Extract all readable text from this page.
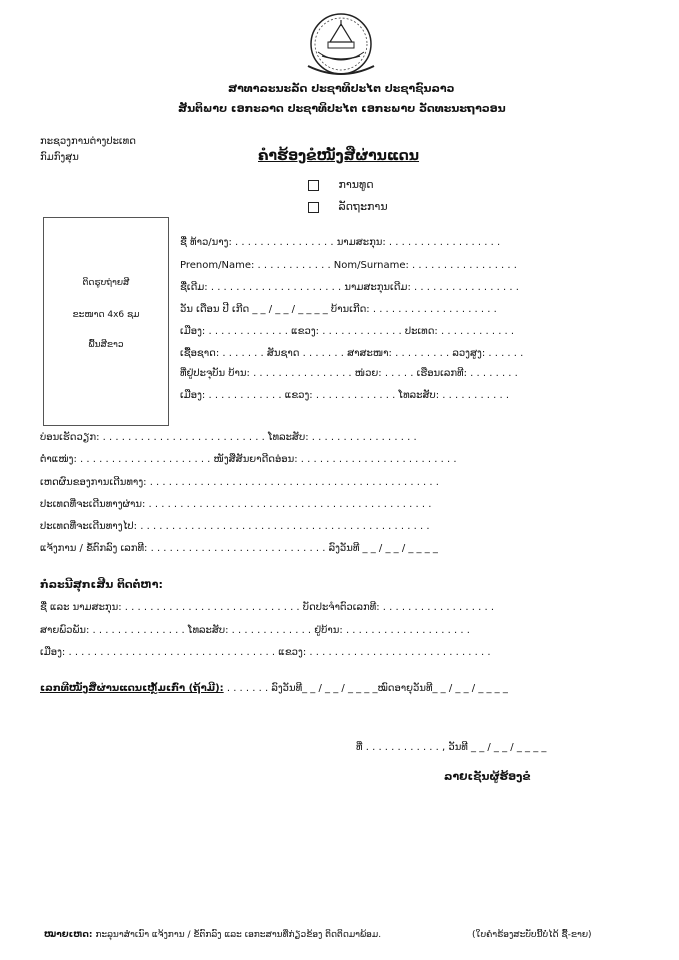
ສາທາລະນະລັດ ປະຊາທິປະໄຕ ປະຊາຊົນລາວ
ສັນຕິພາບ ເອກະລາດ ປະຊາທິປະໄຕ ເອກະພາບ ວັດທະນະຖາວອນ
ກະຊວງການຕ່າງປະເທດ
ກົມກົງສຸນ	ຄຳຮ້ອງຂໍໜັງສືຜ່ານແດນ
ການທູດ
ລັດຖະການ
ຕິດຮູບຖ່າຍສີ
ຂະໜາດ 4x6 ຊມ
ພື້ນສີຂາວ
ຊື່ ທ້າວ/ນາງ: . . . . . . . . . . . . . . . . ນາມສະກຸນ: . . . . . . . . . . . . . . . . . .
Prenom/Name: . . . . . . . . . . . . Nom/Surname: . . . . . . . . . . . . . . . . .
ຊື່ເດີມ: . . . . . . . . . . . . . . . . . . . . . ນາມສະກຸນເດີມ: . . . . . . . . . . . . . . . . .
ວັນ ເດືອນ ປີ ເກີດ _ _ / _ _ / _ _ _ _ ບ້ານເກີດ: . . . . . . . . . . . . . . . . . . . .
ເມືອງ: . . . . . . . . . . . . . ແຂວງ: . . . . . . . . . . . . . ປະເທດ: . . . . . . . . . . . .
ເຊື້ອຊາດ: . . . . . . . ສັນຊາດ . . . . . . . ສາສະໜາ: . . . . . . . . . ລວງສູງ: . . . . . .
ທີ່ຢູ່ປະຈຸບັນ ບ້ານ: . . . . . . . . . . . . . . . . ໜ່ວຍ: . . . . . ເຮືອນເລກທີ: . . . . . . . .
ເມືອງ: . . . . . . . . . . . . ແຂວງ: . . . . . . . . . . . . . ໂທລະສັບ: . . . . . . . . . . .
ບ່ອນເຮັດວຽກ: . . . . . . . . . . . . . . . . . . . . . . . . . . ໂທລະສັບ: . . . . . . . . . . . . . . . . .
ຕຳແໜ່ງ: . . . . . . . . . . . . . . . . . . . . . ໜັງສືສັນຍາດີດອ່ອນ: . . . . . . . . . . . . . . . . . . . . . . . . .
ເຫດຜົນຂອງການເດີນທາງ: . . . . . . . . . . . . . . . . . . . . . . . . . . . . . . . . . . . . . . . . . . . . . .
ປະເທດທີ່ຈະເດີນທາງຜ່ານ: . . . . . . . . . . . . . . . . . . . . . . . . . . . . . . . . . . . . . . . . . . . . .
ປະເທດທີ່ຈະເດີນທາງໄປ: . . . . . . . . . . . . . . . . . . . . . . . . . . . . . . . . . . . . . . . . . . . . . .
ແຈ້ງການ / ຂໍ້ຕົກລົງ ເລກທີ: . . . . . . . . . . . . . . . . . . . . . . . . . . . . ລົງວັນທີ _ _ / _ _ / _ _ _ _
ກໍລະນີສຸກເສີນ ຕິດຕໍ່ຫາ:
ຊື່ ແລະ ນາມສະກຸນ: . . . . . . . . . . . . . . . . . . . . . . . . . . . . ບັດປະຈຳຕົວເລກທີ: . . . . . . . . . . . . . . . . . .
ສາຍພົວພັນ: . . . . . . . . . . . . . . . ໂທລະສັບ: . . . . . . . . . . . . . ຢູ່ບ້ານ: . . . . . . . . . . . . . . . . . . . .
ເມືອງ: . . . . . . . . . . . . . . . . . . . . . . . . . . . . . . . . . ແຂວງ: . . . . . . . . . . . . . . . . . . . . . . . . . . . . .
ເລກທີໜັງສືຜ່ານແດນເຫຼັ້ມເກົ່າ (ຖ້າມີ): . . . . . . . ລົງວັນທີ_ _ / _ _ / _ _ _ _ໝົດອາຍຸວັນທີ_ _ / _ _ / _ _ _ _
ທີ່ . . . . . . . . . . . . , ວັນທີ _ _ / _ _ / _ _ _ _
ລາຍເຊັນຜູ້ຮ້ອງຂໍ
ໝາຍເຫດ: ກະລຸນາສຳເນົາ ແຈ້ງການ / ຂໍ້ຕົກລົງ ແລະ ເອກະສານທີ່ກ່ຽວຂ້ອງ ຕິດຕິດມາພ້ອມ.	(ໃບຄຳຮ້ອງສະບັບນີ້ບໍ່ໄດ້ ຊື້-ຂາຍ)
